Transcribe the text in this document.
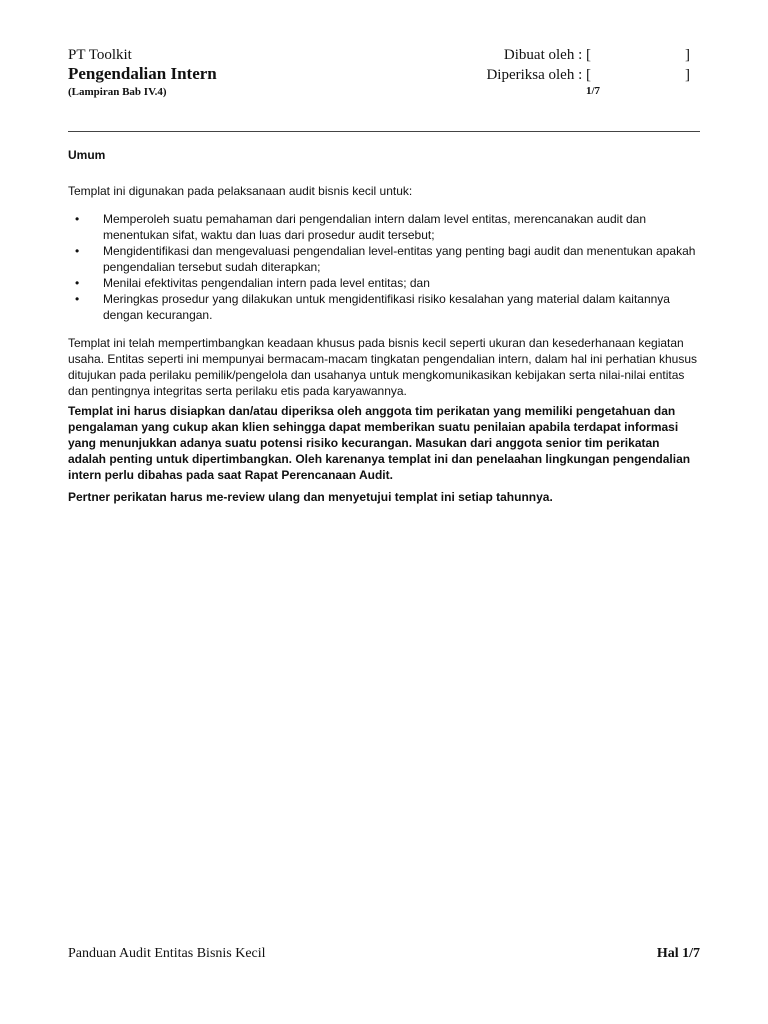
PT Toolkit
Pengendalian Intern
(Lampiran Bab IV.4)
Dibuat oleh : [	]
Diperiksa oleh : [	]
1/7
Umum

Templat ini digunakan pada pelaksanaan audit bisnis kecil untuk:

• Memperoleh suatu pemahaman dari pengendalian intern dalam level entitas, merencanakan audit dan menentukan sifat, waktu dan luas dari prosedur audit tersebut;
• Mengidentifikasi dan mengevaluasi pengendalian level-entitas yang penting bagi audit dan menentukan apakah pengendalian tersebut sudah diterapkan;
• Menilai efektivitas pengendalian intern pada level entitas; dan
• Meringkas prosedur yang dilakukan untuk mengidentifikasi risiko kesalahan yang material dalam kaitannya dengan kecurangan.

Templat ini telah mempertimbangkan keadaan khusus pada bisnis kecil seperti ukuran dan kesederhanaan kegiatan usaha. Entitas seperti ini mempunyai bermacam-macam tingkatan pengendalian intern, dalam hal ini perhatian khusus ditujukan pada perilaku pemilik/pengelola dan usahanya untuk mengkomunikasikan kebijakan serta nilai-nilai entitas dan pentingnya integritas serta perilaku etis pada karyawannya.

Templat ini harus disiapkan dan/atau diperiksa oleh anggota tim perikatan yang memiliki pengetahuan dan pengalaman yang cukup akan klien sehingga dapat memberikan suatu penilaian apabila terdapat informasi yang menunjukkan adanya suatu potensi risiko kecurangan. Masukan dari anggota senior tim perikatan adalah penting untuk dipertimbangkan. Oleh karenanya templat ini dan penelaahan lingkungan pengendalian intern perlu dibahas pada saat Rapat Perencanaan Audit.

Pertner perikatan harus me-review ulang dan menyetujui templat ini setiap tahunnya.

Panduan Audit Entitas Bisnis Kecil	Hal 1/7
